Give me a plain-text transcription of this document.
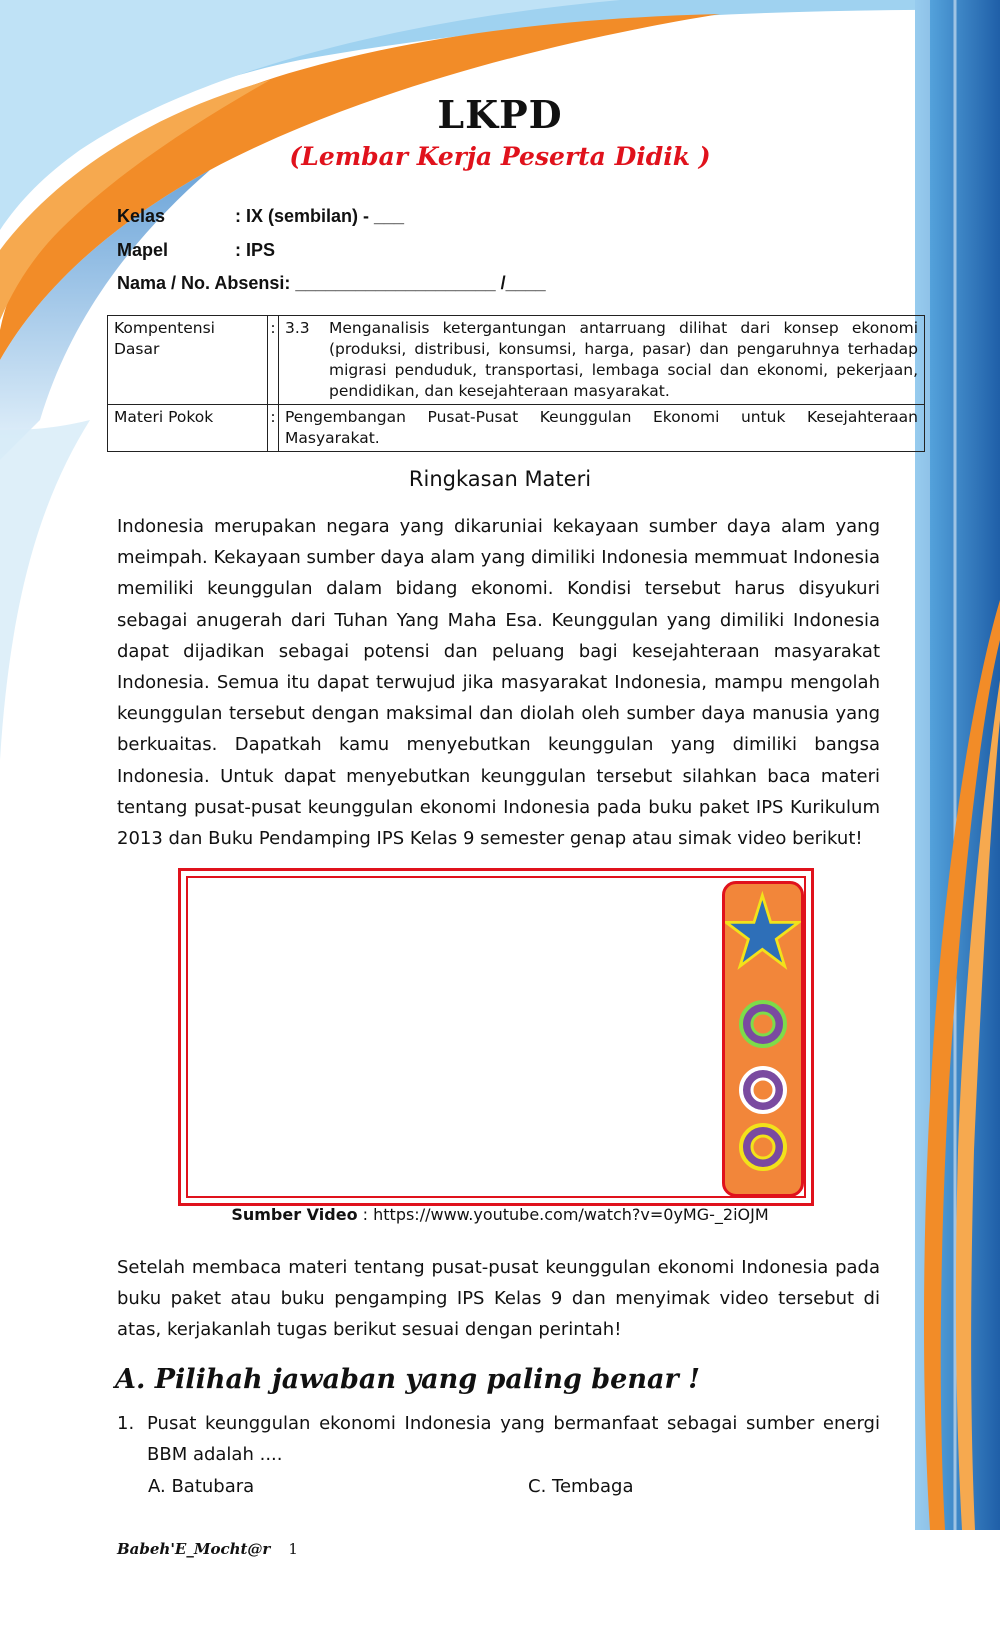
LKPD
(Lembar Kerja Peserta Didik )
Kelas	: IX (sembilan) - ___	Kelompok : ___________
Mapel	: IPS
Nama / No. Absensi: ____________________ /____
Kompentensi Dasar	:	3.3 Menganalisis ketergantungan antarruang dilihat dari konsep ekonomi (produksi, distribusi, konsumsi, harga, pasar) dan pengaruhnya terhadap migrasi penduduk, transportasi, lembaga social dan ekonomi, pekerjaan, pendidikan, dan kesejahteraan masyarakat.

Materi Pokok	:	Pengembangan Pusat-Pusat Keunggulan Ekonomi untuk Kesejahteraan Masyarakat.
Ringkasan Materi
Indonesia merupakan negara yang dikaruniai kekayaan sumber daya alam yang meimpah. Kekayaan sumber daya alam yang dimiliki Indonesia memmuat Indonesia memiliki keunggulan dalam bidang ekonomi. Kondisi tersebut harus disyukuri sebagai anugerah dari Tuhan Yang Maha Esa. Keunggulan yang dimiliki Indonesia dapat dijadikan sebagai potensi dan peluang bagi kesejahteraan masyarakat Indonesia. Semua itu dapat terwujud jika masyarakat Indonesia, mampu mengolah keunggulan tersebut dengan maksimal dan diolah oleh sumber daya manusia yang berkuaitas. Dapatkah kamu menyebutkan keunggulan yang dimiliki bangsa Indonesia. Untuk dapat menyebutkan keunggulan tersebut silahkan baca materi tentang pusat-pusat keunggulan ekonomi Indonesia pada buku paket IPS Kurikulum 2013 dan Buku Pendamping IPS Kelas 9 semester genap atau simak video berikut!
Sumber Video : https://www.youtube.com/watch?v=0yMG-_2iOJM
Setelah membaca materi tentang pusat-pusat keunggulan ekonomi Indonesia pada buku paket atau buku pengamping IPS Kelas 9 dan menyimak video tersebut di atas, kerjakanlah tugas berikut sesuai dengan perintah!
A. Pilihah jawaban yang paling benar !
1. Pusat keunggulan ekonomi Indonesia yang bermanfaat sebagai sumber energi BBM adalah ....
A. Batubara	C. Tembaga
Babeh'E_Mocht@r 1
